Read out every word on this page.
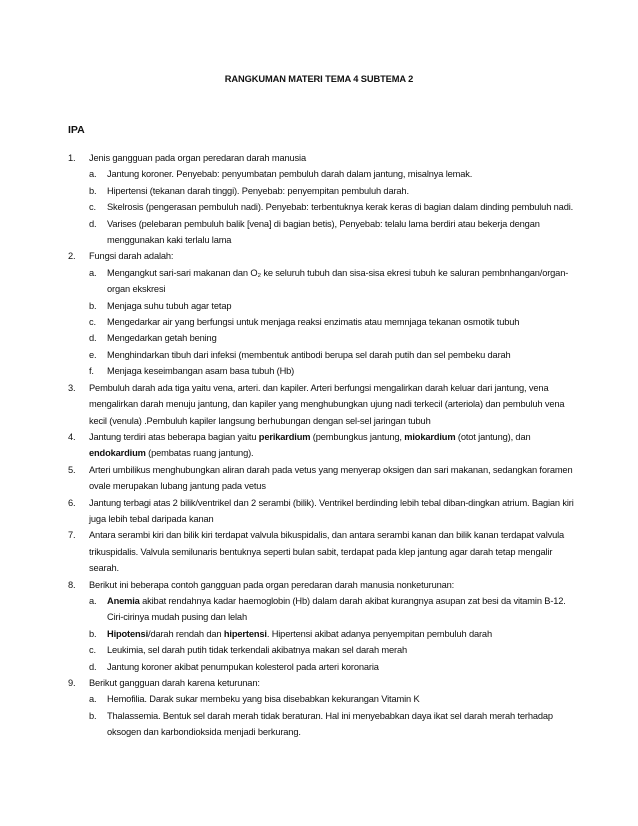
RANGKUMAN MATERI TEMA 4 SUBTEMA 2
IPA
1. Jenis gangguan pada organ peredaran darah manusia
a. Jantung koroner. Penyebab: penyumbatan pembuluh darah dalam jantung, misalnya lemak.
b. Hipertensi (tekanan darah tinggi). Penyebab: penyempitan pembuluh darah.
c. Skelrosis (pengerasan pembuluh nadi). Penyebab: terbentuknya kerak keras di bagian dalam dinding pembuluh nadi.
d. Varises (pelebaran pembuluh balik [vena] di bagian betis), Penyebab: telalu lama berdiri atau bekerja dengan menggunakan kaki terlalu lama
2. Fungsi darah adalah:
a. Mengangkut sari-sari makanan dan O₂ ke seluruh tubuh dan sisa-sisa ekresi tubuh ke saluran pembnhangan/organ-organ ekskresi
b. Menjaga suhu tubuh agar tetap
c. Mengedarkar air yang berfungsi untuk menjaga reaksi enzimatis atau memnjaga tekanan osmotik tubuh
d. Mengedarkan getah bening
e. Menghindarkan tibuh dari infeksi (membentuk antibodi berupa sel darah putih dan sel pembeku darah
f. Menjaga keseimbangan asam basa tubuh (Hb)
3. Pembuluh darah ada tiga yaitu vena, arteri. dan kapiler. Arteri berfungsi mengalirkan darah keluar dari jantung, vena mengalirkan darah menuju jantung, dan kapiler yang menghubungkan ujung nadi terkecil (arteriola) dan pembuluh vena kecil (venula) .Pembuluh kapiler langsung berhubungan dengan sel-sel jaringan tubuh
4. Jantung terdiri atas beberapa bagian yaitu perikardium (pembungkus jantung, miokardium (otot jantung), dan endokardium (pembatas ruang jantung).
5. Arteri umbilikus menghubungkan aliran darah pada vetus yang menyerap oksigen dan sari makanan, sedangkan foramen ovale merupakan lubang jantung pada vetus
6. Jantung terbagi atas 2 bilik/ventrikel dan 2 serambi (bilik). Ventrikel berdinding lebih tebal diban-dingkan atrium. Bagian kiri juga lebih tebal daripada kanan
7. Antara serambi kiri dan bilik kiri terdapat valvula bikuspidalis, dan antara serambi kanan dan bilik kanan terdapat valvula trikuspidalis. Valvula semilunaris bentuknya seperti bulan sabit, terdapat pada klep jantung agar darah tetap mengalir searah.
8. Berikut ini beberapa contoh gangguan pada organ peredaran darah manusia nonketurunan:
a. Anemia akibat rendahnya kadar haemoglobin (Hb) dalam darah akibat kurangnya asupan zat besi da vitamin B-12. Ciri-cirinya mudah pusing dan lelah
b. Hipotensi/darah rendah dan hipertensi. Hipertensi akibat adanya penyempitan pembuluh darah
c. Leukimia, sel darah putih tidak terkendali akibatnya makan sel darah merah
d. Jantung koroner akibat penumpukan kolesterol pada arteri koronaria
9. Berikut gangguan darah karena keturunan:
a. Hemofilia. Darak sukar membeku yang bisa disebabkan kekurangan Vitamin K
b. Thalassemia. Bentuk sel darah merah tidak beraturan. Hal ini menyebabkan daya ikat sel darah merah terhadap oksogen dan karbondioksida menjadi berkurang.
